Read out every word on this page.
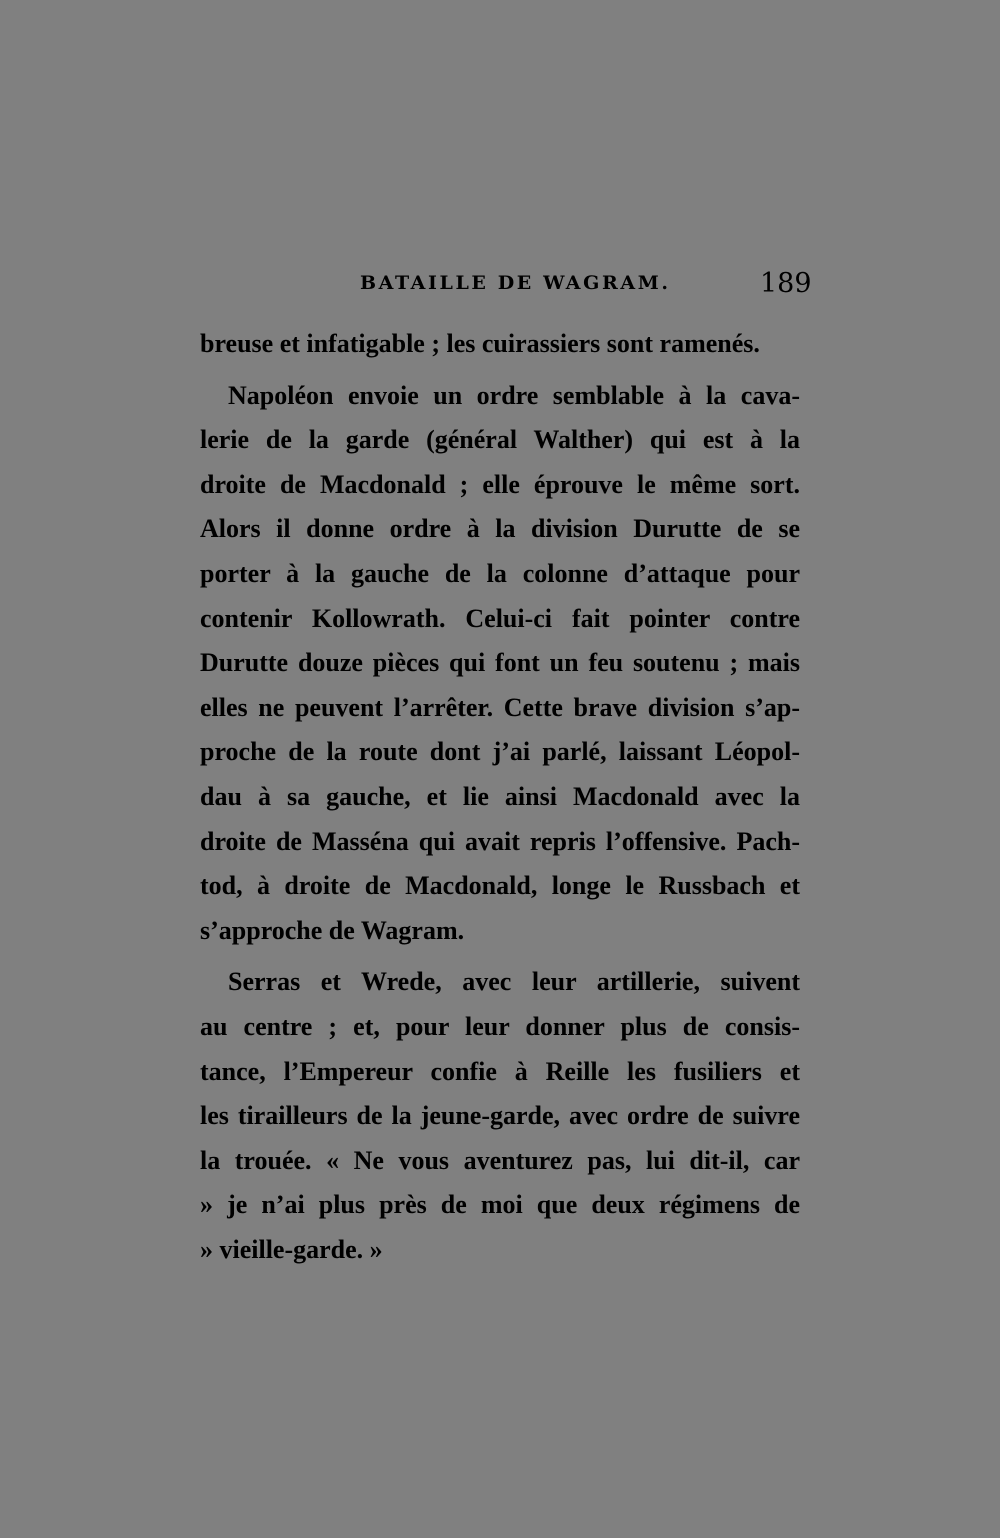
BATAILLE DE WAGRAM.	189
breuse et infatigable ; les cuirassiers sont ramenés.
Napoléon envoie un ordre semblable à la cava-
lerie de la garde (général Walther) qui est à la
droite de Macdonald ; elle éprouve le même sort.
Alors il donne ordre à la division Durutte de se
porter à la gauche de la colonne d’attaque pour
contenir Kollowrath. Celui-ci fait pointer contre
Durutte douze pièces qui font un feu soutenu ; mais
elles ne peuvent l’arrêter. Cette brave division s’ap-
proche de la route dont j’ai parlé, laissant Léopol-
dau à sa gauche, et lie ainsi Macdonald avec la
droite de Masséna qui avait repris l’offensive. Pach-
tod, à droite de Macdonald, longe le Russbach et
s’approche de Wagram.
Serras et Wrede, avec leur artillerie, suivent
au centre ; et, pour leur donner plus de consis-
tance, l’Empereur confie à Reille les fusiliers et
les tirailleurs de la jeune-garde, avec ordre de suivre
la trouée. « Ne vous aventurez pas, lui dit-il, car
» je n’ai plus près de moi que deux régimens de
» vieille-garde. »
